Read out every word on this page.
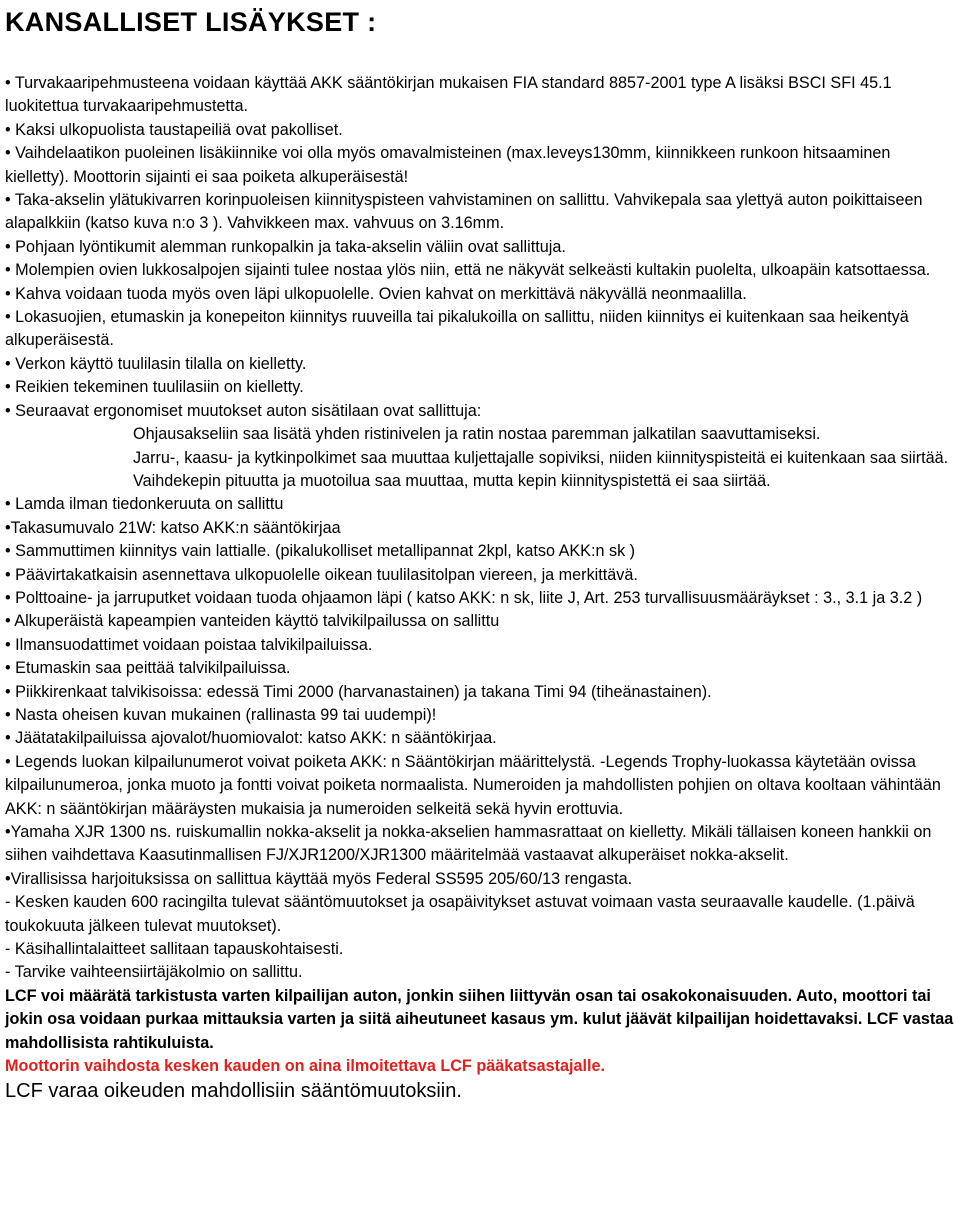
KANSALLISET LISÄYKSET :

• Turvakaaripehmusteena voidaan käyttää AKK sääntökirjan mukaisen FIA standard 8857-2001 type A lisäksi BSCI SFI 45.1 luokitettua turvakaaripehmustetta.

• Kaksi ulkopuolista taustapeiliä ovat pakolliset.

• Vaihdelaatikon puoleinen lisäkiinnike voi olla myös omavalmisteinen (max.leveys130mm, kiinnikkeen runkoon hitsaaminen kielletty). Moottorin sijainti ei saa poiketa alkuperäisestä!

• Taka-akselin ylätukivarren korinpuoleisen kiinnityspisteen vahvistaminen on sallittu. Vahvikepala saa ylettyä auton poikittaiseen alapalkkiin (katso kuva n:o 3 ). Vahvikkeen max. vahvuus on 3.16mm.

• Pohjaan lyöntikumit alemman runkopalkin ja taka-akselin väliin ovat sallittuja.

• Molempien ovien lukkosalpojen sijainti tulee nostaa ylös niin, että ne näkyvät selkeästi kultakin puolelta, ulkoapäin katsottaessa.

• Kahva voidaan tuoda myös oven läpi ulkopuolelle. Ovien kahvat on merkittävä näkyvällä neonmaalilla.

• Lokasuojien, etumaskin ja konepeiton kiinnitys ruuveilla tai pikalukoilla on sallittu, niiden kiinnitys ei kuitenkaan saa heikentyä alkuperäisestä.

• Verkon käyttö tuulilasin tilalla on kielletty.

• Reikien tekeminen tuulilasiin on kielletty.

• Seuraavat ergonomiset muutokset auton sisätilaan ovat sallittuja:

Ohjausakseliin saa lisätä yhden ristinivelen ja ratin nostaa paremman jalkatilan saavuttamiseksi.

Jarru-, kaasu- ja kytkinpolkimet saa muuttaa kuljettajalle sopiviksi, niiden kiinnityspisteitä ei kuitenkaan saa siirtää.

Vaihdekepin pituutta ja muotoilua saa muuttaa, mutta kepin kiinnityspistettä ei saa siirtää.

• Lamda ilman tiedonkeruuta on sallittu

•Takasumuvalo 21W: katso AKK:n sääntökirjaa

• Sammuttimen kiinnitys vain lattialle. (pikalukolliset metallipannat 2kpl, katso AKK:n sk )

• Päävirtakatkaisin asennettava ulkopuolelle oikean tuulilasitolpan viereen, ja merkittävä.

• Polttoaine- ja jarruputket voidaan tuoda ohjaamon läpi ( katso AKK: n sk, liite J, Art. 253 turvallisuusmääräykset : 3., 3.1 ja 3.2 )

• Alkuperäistä kapeampien vanteiden käyttö talvikilpailussa on sallittu

• Ilmansuodattimet voidaan poistaa talvikilpailuissa.

• Etumaskin saa peittää talvikilpailuissa.

• Piikkirenkaat talvikisoissa: edessä Timi 2000 (harvanastainen) ja takana Timi 94 (tiheänastainen).

• Nasta oheisen kuvan mukainen (rallinasta 99 tai uudempi)!

• Jäätatakilpailuissa ajovalot/huomiovalot: katso AKK: n sääntökirjaa.

• Legends luokan kilpailunumerot voivat poiketa AKK: n Sääntökirjan määrittelystä. -Legends Trophy-luokassa käytetään ovissa kilpailunumeroa, jonka muoto ja fontti voivat poiketa normaalista. Numeroiden ja mahdollisten pohjien on oltava kooltaan vähintään AKK: n sääntökirjan määräysten mukaisia ja numeroiden selkeitä sekä hyvin erottuvia.

•Yamaha XJR 1300 ns. ruiskumallin nokka-akselit ja nokka-akselien hammasrattaat on kielletty. Mikäli tällaisen koneen hankkii on siihen vaihdettava Kaasutinmallisen FJ/XJR1200/XJR1300 määritelmää vastaavat alkuperäiset nokka-akselit.

•Virallisissa harjoituksissa on sallittua käyttää myös Federal SS595 205/60/13 rengasta.

- Kesken kauden 600 racingilta tulevat sääntömuutokset ja osapäivitykset astuvat voimaan vasta seuraavalle kaudelle. (1.päivä toukokuuta jälkeen tulevat muutokset).

- Käsihallintalaitteet sallitaan tapauskohtaisesti.

- Tarvike vaihteensiirtäjäkolmio on sallittu.

LCF voi määrätä tarkistusta varten kilpailijan auton, jonkin siihen liittyvän osan tai osakokonaisuuden. Auto, moottori tai jokin osa voidaan purkaa mittauksia varten ja siitä aiheutuneet kasaus ym. kulut jäävät kilpailijan hoidettavaksi. LCF vastaa mahdollisista rahtikuluista.

Moottorin vaihdosta kesken kauden on aina ilmoitettava LCF pääkatsastajalle.

LCF varaa oikeuden mahdollisiin sääntömuutoksiin.
